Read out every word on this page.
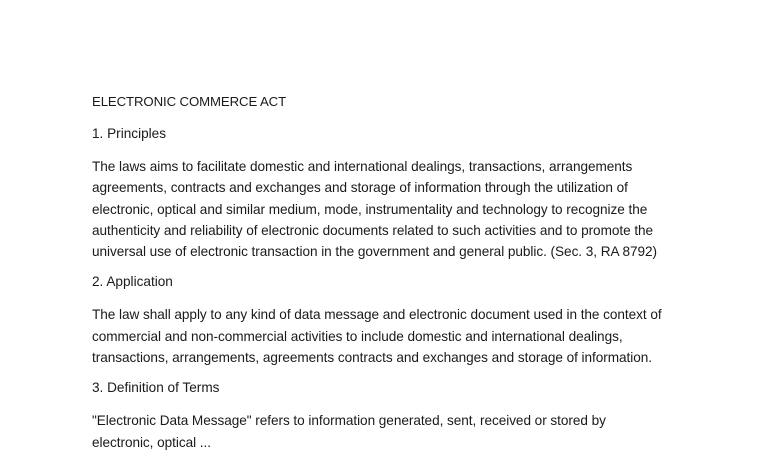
ELECTRONIC COMMERCE ACT
1. Principles
The laws aims to facilitate domestic and international dealings, transactions, arrangements
agreements, contracts and exchanges and storage of information through the utilization of
electronic, optical and similar medium, mode, instrumentality and technology to recognize the
authenticity and reliability of electronic documents related to such activities and to promote the
universal use of electronic transaction in the government and general public. (Sec. 3, RA 8792)
2. Application
The law shall apply to any kind of data message and electronic document used in the context of
commercial and non-commercial activities to include domestic and international dealings,
transactions, arrangements, agreements contracts and exchanges and storage of information.
3. Definition of Terms
"Electronic Data Message" refers to information generated, sent, received or stored by
electronic, optical ...
